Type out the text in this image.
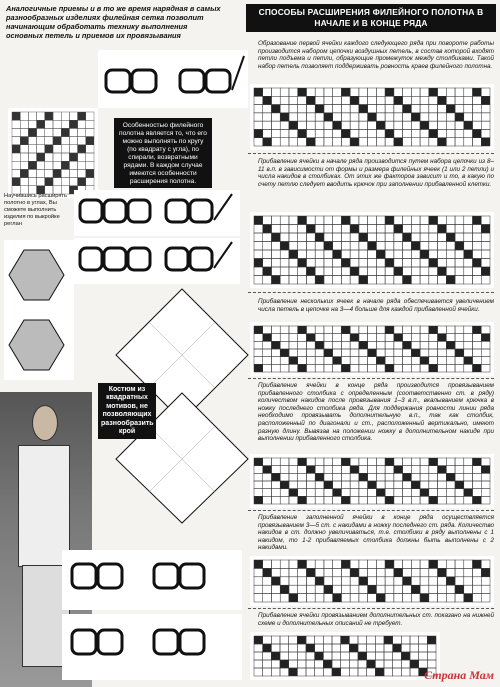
Аналогичные приемы и в то же время нарядная в самых разнообразных изделиях филейная сетка позволит начинающим обработать технику выполнения основных петель и приемов их провязывания
Особенностью филейного полотна является то, что его можно выполнять по кругу (по квадрату с угла), по спирали, возвратными рядами. В каждом случае имеются особенности расширения полотна.
Научившись расширять полотно в углах, Вы сможете выполнить изделия по выкройке реглан
Костюм из квадратных мотивов, не позволяющих разнообразить крой
СПОСОБЫ РАСШИРЕНИЯ ФИЛЕЙНОГО ПОЛОТНА В НАЧАЛЕ И В КОНЦЕ РЯДА
Образование первой ячейки каждого следующего ряда при повороте работы производится набором цепочки воздушных петель, в состав которой входят петли подъема и петли, образующие промежуток между столбиками. Такой набор петель позволяет поддерживать ровность краев филейного полотна.
Прибавление ячейки в начале ряда производится путем набора цепочки из 8–11 в.п. в зависимости от формы и размера филейных ячеек (1 или 2 петли) и числа накидов в столбиках. От этих же факторов зависит и то, в какую по счету петлю следует вводить крючок при заполнении прибавленной клетки.
Прибавление нескольких ячеек в начале ряда обеспечивается увеличением числа петель в цепочке на 3—4 больше для каждой прибавленной ячейки.
Прибавление ячейки в конце ряда производится провязыванием прибавленного столбика с определенным (соответственно ст. в ряду) количеством накидов после провязывания 1–3 в.п., вкалыванием крючка в ножку последнего столбика ряда. Для поддержания ровности линии ряда необходимо провязывать дополнительную в.п., так как столбик, расположенный по диагонали и ст., расположенный вертикально, имеют разную длину. Вывязав на положении ножку в дополнительном накиде при выполнении прибавленного столбика.
Прибавление заполненной ячейки в конце ряда осуществляется провязыванием 3—5 ст. с накидами в ножку последнего ст. ряда. Количество накидов в ст. должно увеличиваться, т.е. столбики в ряду выполнены с 1 накидом, то 1-2 прибавляемых столбика должны быть выполнены с 2 накидами.
Прибавление ячейки провязыванием дополнительных ст. показано на нижней схеме и дополнительных описаний не требует.
Страна Мам
